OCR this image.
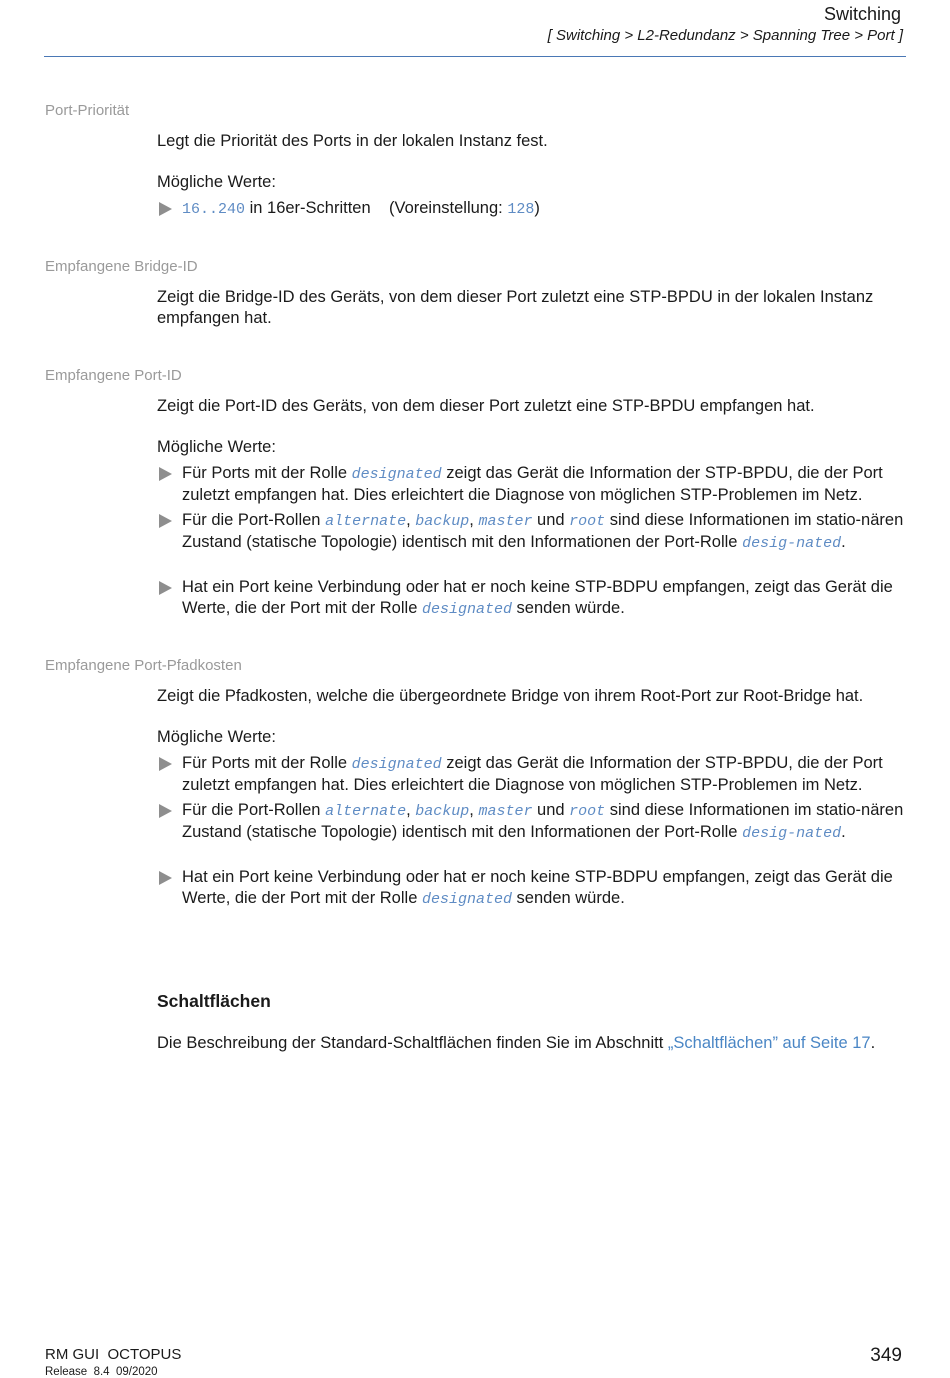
Switching
[ Switching > L2-Redundanz > Spanning Tree > Port ]
Port-Priorität
Legt die Priorität des Ports in der lokalen Instanz fest.
Mögliche Werte:
16..240 in 16er-Schritten    (Voreinstellung: 128)
Empfangene Bridge-ID
Zeigt die Bridge-ID des Geräts, von dem dieser Port zuletzt eine STP-BPDU in der lokalen Instanz empfangen hat.
Empfangene Port-ID
Zeigt die Port-ID des Geräts, von dem dieser Port zuletzt eine STP-BPDU empfangen hat.
Mögliche Werte:
Für Ports mit der Rolle designated zeigt das Gerät die Information der STP-BPDU, die der Port zuletzt empfangen hat. Dies erleichtert die Diagnose von möglichen STP-Problemen im Netz.
Für die Port-Rollen alternate, backup, master und root sind diese Informationen im statio-nären Zustand (statische Topologie) identisch mit den Informationen der Port-Rolle desig-nated.
Hat ein Port keine Verbindung oder hat er noch keine STP-BDPU empfangen, zeigt das Gerät die Werte, die der Port mit der Rolle designated senden würde.
Empfangene Port-Pfadkosten
Zeigt die Pfadkosten, welche die übergeordnete Bridge von ihrem Root-Port zur Root-Bridge hat.
Mögliche Werte:
Für Ports mit der Rolle designated zeigt das Gerät die Information der STP-BPDU, die der Port zuletzt empfangen hat. Dies erleichtert die Diagnose von möglichen STP-Problemen im Netz.
Für die Port-Rollen alternate, backup, master und root sind diese Informationen im statio-nären Zustand (statische Topologie) identisch mit den Informationen der Port-Rolle desig-nated.
Hat ein Port keine Verbindung oder hat er noch keine STP-BDPU empfangen, zeigt das Gerät die Werte, die der Port mit der Rolle designated senden würde.
Schaltflächen
Die Beschreibung der Standard-Schaltflächen finden Sie im Abschnitt „Schaltflächen” auf Seite 17.
RM GUI  OCTOPUS
Release  8.4  09/2020
349
